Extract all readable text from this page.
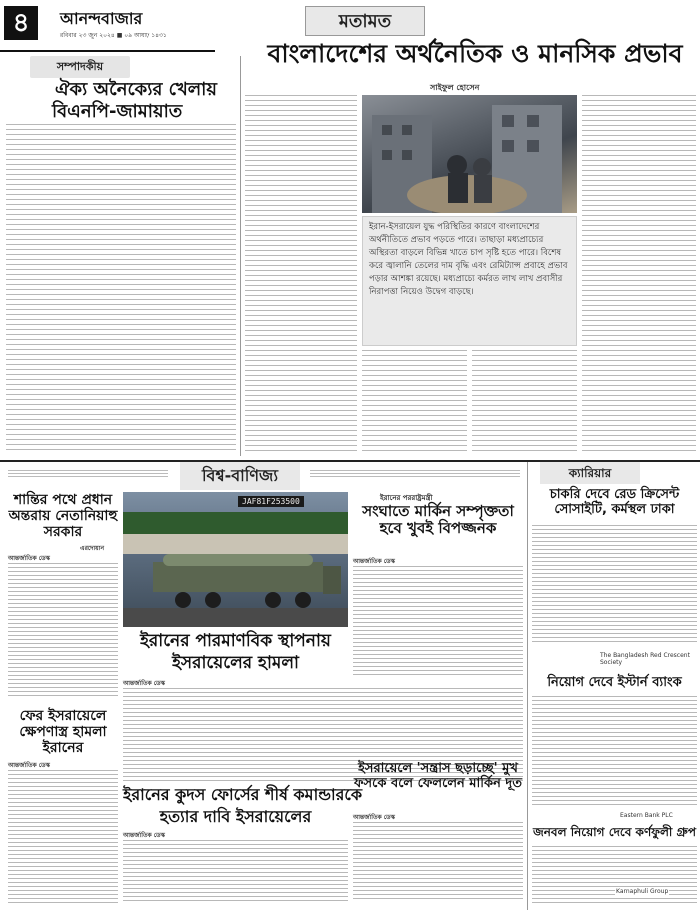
৪	আনন্দবাজার
রবিবার ২৩ জুন ২০২৪ ■ ০৯ আষাঢ় ১৪৩১
মতামত
বাংলাদেশের অর্থনৈতিক ও মানসিক প্রভাব
সাইফুল হোসেন
সম্পাদকীয়
ঐক্য অনৈক্যের খেলায়
বিএনপি-জামায়াত
ইরান-ইসরায়েল যুদ্ধ পরিস্থিতির কারণে বাংলাদেশের অর্থনীতিতে প্রভাব পড়তে পারে। তাছাড়া মধ্যপ্রাচ্যের অস্থিরতা বাড়লে বিভিন্ন খাতে চাপ সৃষ্টি হতে পারে। বিশেষ করে জ্বালানি তেলের দাম বৃদ্ধি এবং রেমিট্যান্স প্রবাহে প্রভাব পড়ার আশঙ্কা রয়েছে। মধ্যপ্রাচ্যে কর্মরত লাখ লাখ প্রবাসীর নিরাপত্তা নিয়েও উদ্বেগ বাড়ছে।
বিশ্ব-বাণিজ্য
শান্তির পথে প্রধান অন্তরায় নেতানিয়াহু সরকার
এরদোয়ান
আন্তর্জাতিক ডেস্ক
ফের ইসরায়েলে ক্ষেপণাস্ত্র হামলা ইরানের
আন্তর্জাতিক ডেস্ক
JAF81F253500
ইরানের পারমাণবিক স্থাপনায়
ইসরায়েলের হামলা
আন্তর্জাতিক ডেস্ক
ইরানের পররাষ্ট্রমন্ত্রী
সংঘাতে মার্কিন সম্পৃক্ততা হবে খুবই বিপজ্জনক
আন্তর্জাতিক ডেস্ক
ইরানের কুদস ফোর্সের শীর্ষ কমান্ডারকে
হত্যার দাবি ইসরায়েলের
আন্তর্জাতিক ডেস্ক
ইসরায়েলে 'সন্ত্রাস ছড়াচ্ছে' মুখ ফসকে বলে ফেললেন মার্কিন দূত
আন্তর্জাতিক ডেস্ক
ক্যারিয়ার
চাকরি দেবে রেড ক্রিসেন্ট সোসাইটি, কর্মস্থল ঢাকা
The Bangladesh Red Crescent Society
নিয়োগ দেবে ইস্টার্ন ব্যাংক
Eastern Bank PLC
জনবল নিয়োগ দেবে কর্ণফুলী গ্রুপ
Karnaphuli Group
